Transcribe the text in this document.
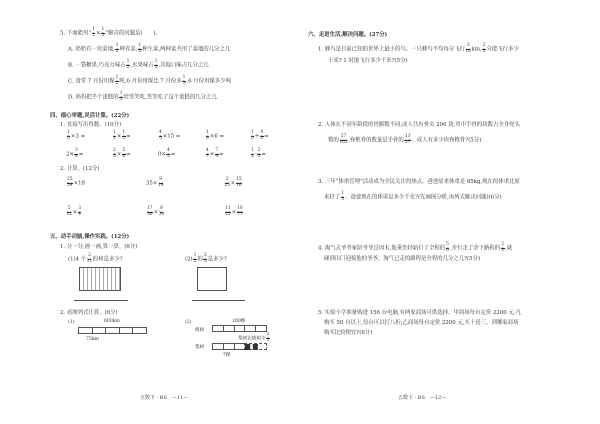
5. 下面能用“ $\frac{1}{2} \times \frac{1}{3}$ ”解决的问题是(　　)。
A. 奶奶有一块菜地, $\frac{1}{2}$ 种青菜, $\frac{1}{3}$ 种生菜,两种菜共用了菜地的几分之几
B. 一袋糖果,巧克力味占 $\frac{1}{2}$ ,水果味占 $\frac{1}{3}$ ,其他口味占几分之几
C. 食堂 7 月份用煤 $\frac{1}{2}$ 吨,6 月份用煤比 7 月份多 $\frac{1}{3} ,6$ 月份用煤多少吨
D. 妈妈把半个蛋糕的 $\frac{1}{3}$ 给笑笑吃,笑笑吃了这个蛋糕的几分之几
四、细心审题,灵活计算。(22分)
1. 直接写出得数。(10分)
$\frac{1}{5} \times 3$ =	$\frac{1}{2} \times \frac{1}{3}$ =	$\frac{4}{5} \times 15$ =	$\frac{1}{8} \times 6$ =	$\frac{1}{5} + \frac{4}{5}$ =
$2\times \frac{3}{4}$ =	$\frac{2}{5} \times \frac{5}{6}$ =	$0\times \frac{4}{5}$ =	$\frac{4}{7} \times \frac{7}{4}$ =	$\frac{1}{2} - \frac{2}{5}$ =
2. 计算。(12分)
$\frac{25}{54} \times 18$	$35\times \frac{9}{14}$	$\frac{2}{25} \times \frac{15}{16}$
$\frac{5}{12} \times \frac{3}{4}$	$\frac{17}{36} \times \frac{9}{34}$	$\frac{11}{25} \times \frac{10}{77}$
五、动手动脑,操作实践。(12分)
1. 分一分,画一画,算一算。(6分)
(1)4 个 $\frac{2}{11}$ 的和是多少?	$(2) \frac{1}{2}$ 的 $\frac{2}{5}$ 是多少?
2. 看图列式计算。(6分)
(1)	600km
75km
(2)	200棵
桃树
梨树比桃树少 $\frac{2}{5}$
梨树
7棵
五数下 · BS　—11—
六、走进生活,解决问题。(27分)
1. 蜂鸟是目前已知的世界上最小的鸟。一只蜂鸟平均每分飞行 $\frac{3}{10}$ km, $\frac{2}{3}$ 分能飞行多少
千米? 1 时能飞行多少千米?(5分)
2. 人体在不同年龄段的骨骼数不同,成人共有骨头 206 块,其中手骨的块数占全身骨头
数的 $\frac{27}{103}$ ,脊椎骨的数量是手骨的 $\frac{13}{27}$ 。成人有多少块脊椎骨?(5分)
3. 三年“体重管理”活动成为全民关注的热点。爸爸原来体重是 85kg,现在的体重比原
来轻了 $\frac{1}{5}$ 。爸爸现在的体重是多少千克?(先画图分析,再列式解决问题)(6分)
4. 淘气去爷爷家陪爷爷过周末,他乘坐轻轨行了全程的 $\frac{5}{6}$ ,步行走了余下路程的 $\frac{2}{3}$ ,就
碰到出门迎接他的爷爷。淘气已走的路程是全程的几分之几?(5分)
5. 实验小学准备购进 156 台电脑,有两家商场可供选择。甲商场每台定价 2200 元,凡
购买 50 台以上,每台可以打八折;乙商场每台定价 2200 元,买十送三。到哪家商场
购买比较便宜?(6分)
五数下 · BS　—12—
